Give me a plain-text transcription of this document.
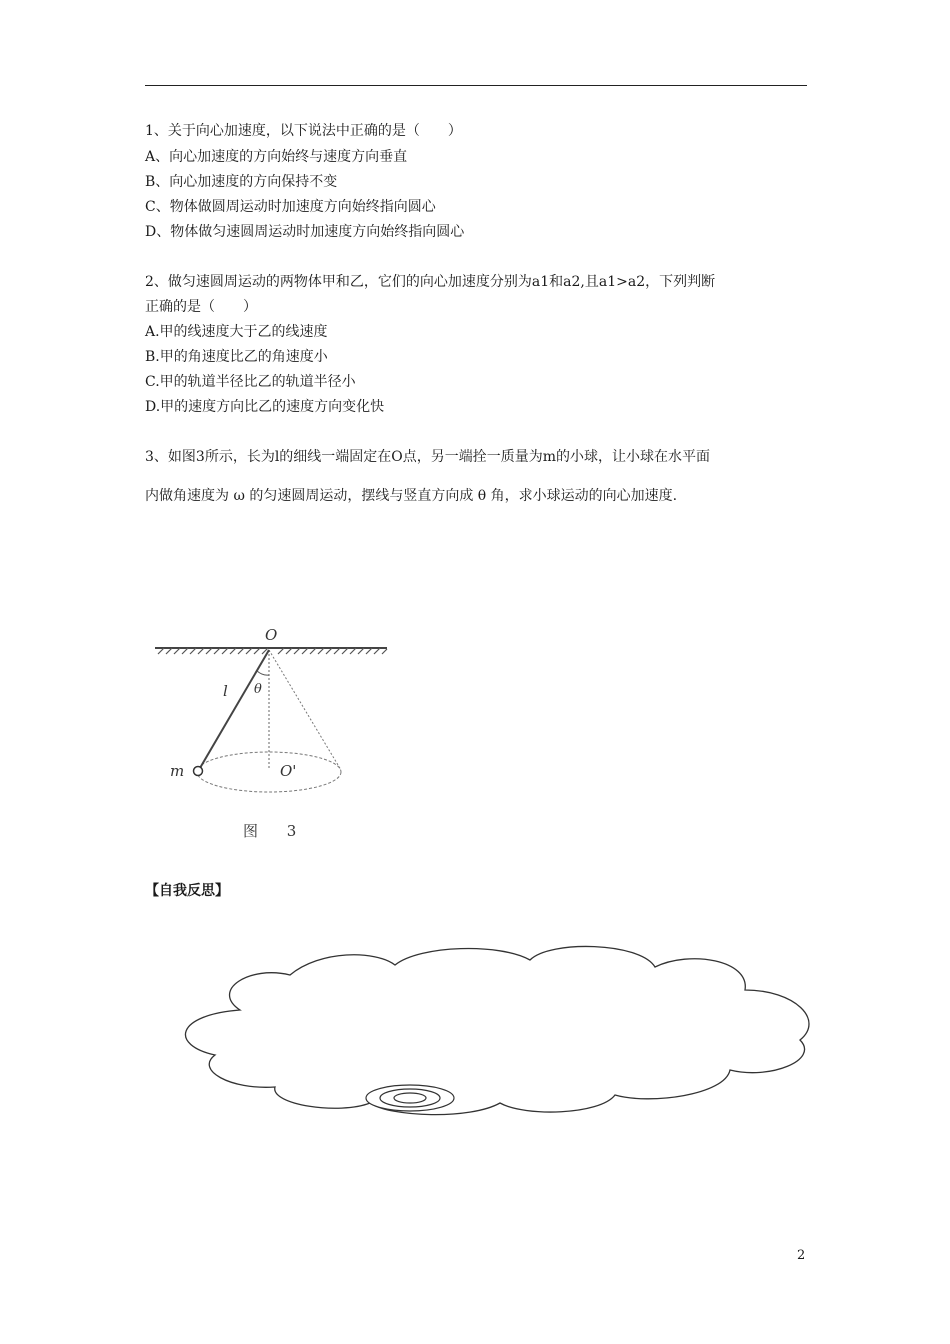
1、关于向心加速度，以下说法中正确的是（　　）
A、向心加速度的方向始终与速度方向垂直
B、向心加速度的方向保持不变
C、物体做圆周运动时加速度方向始终指向圆心
D、物体做匀速圆周运动时加速度方向始终指向圆心
2、做匀速圆周运动的两物体甲和乙，它们的向心加速度分别为a1和a2,且a1>a2，下列判断
正确的是（　　）
A.甲的线速度大于乙的线速度
B.甲的角速度比乙的角速度小
C.甲的轨道半径比乙的轨道半径小
D.甲的速度方向比乙的速度方向变化快
3、如图3所示，长为l的细线一端固定在O点，另一端拴一质量为m的小球，让小球在水平面
内做角速度为 ω 的匀速圆周运动，摆线与竖直方向成 θ 角，求小球运动的向心加速度.
O
l θ
m	O'
图 3
【自我反思】
2
